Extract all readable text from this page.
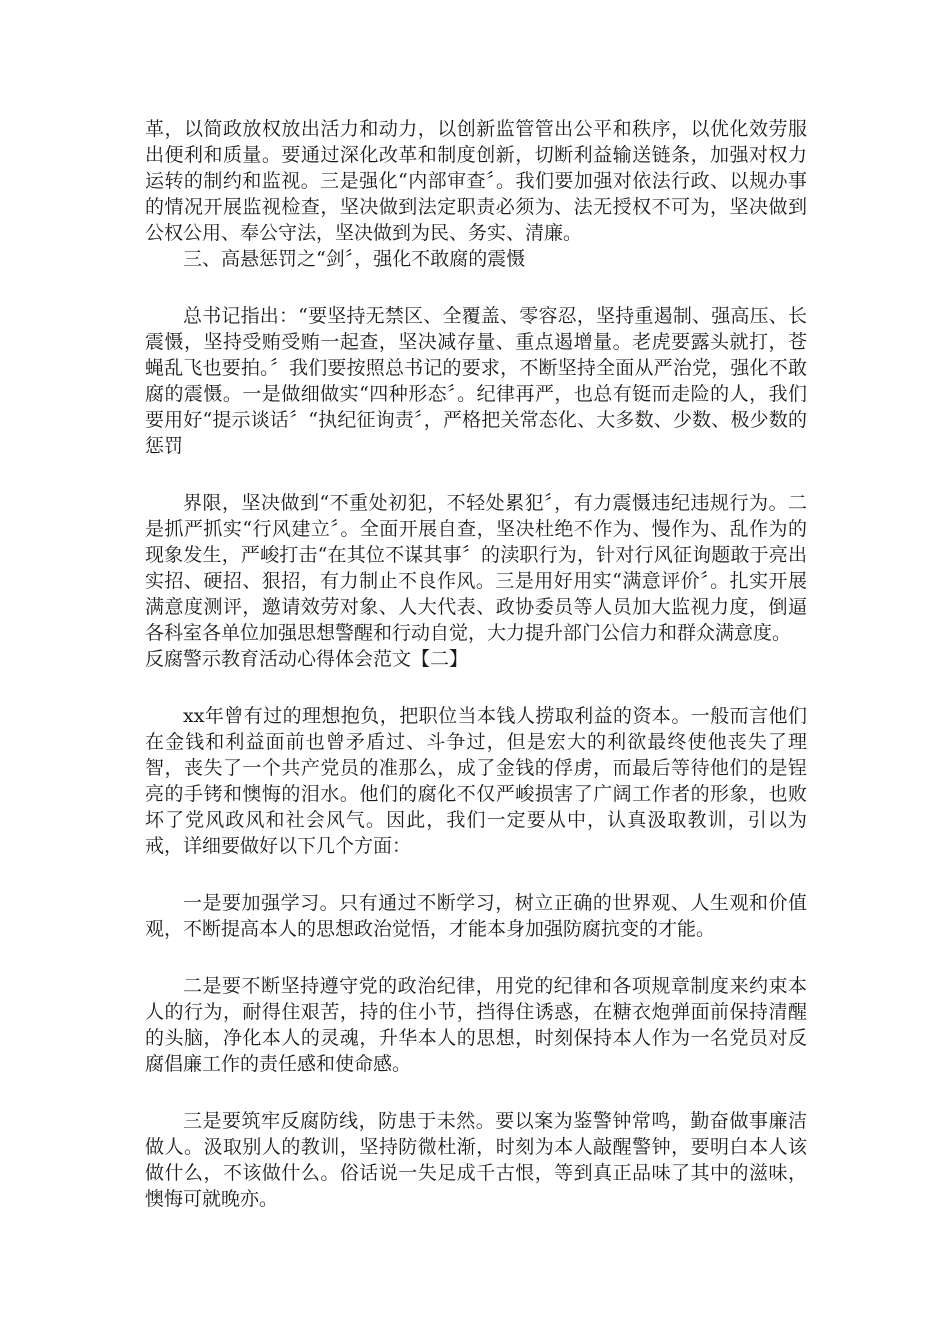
革，以简政放权放出活力和动力，以创新监管管出公平和秩序，以优化效劳服出便利和质量。要通过深化改革和制度创新，切断利益输送链条，加强对权力运转的制约和监视。三是强化“内部审查〞。我们要加强对依法行政、以规办事的情况开展监视检查，坚决做到法定职责必须为、法无授权不可为，坚决做到公权公用、奉公守法，坚决做到为民、务实、清廉。

三、高悬惩罚之“剑〞，强化不敢腐的震慑

总书记指出：“要坚持无禁区、全覆盖、零容忍，坚持重遏制、强高压、长震慑，坚持受贿受贿一起查，坚决减存量、重点遏增量。老虎要露头就打，苍蝇乱飞也要拍。〞我们要按照总书记的要求，不断坚持全面从严治党，强化不敢腐的震慑。一是做细做实“四种形态〞。纪律再严，也总有铤而走险的人，我们要用好“提示谈话〞“执纪征询责〞，严格把关常态化、大多数、少数、极少数的惩罚

界限，坚决做到“不重处初犯，不轻处累犯〞，有力震慑违纪违规行为。二是抓严抓实“行风建立〞。全面开展自查，坚决杜绝不作为、慢作为、乱作为的现象发生，严峻打击“在其位不谋其事〞的渎职行为，针对行风征询题敢于亮出实招、硬招、狠招，有力制止不良作风。三是用好用实“满意评价〞。扎实开展满意度测评，邀请效劳对象、人大代表、政协委员等人员加大监视力度，倒逼各科室各单位加强思想警醒和行动自觉，大力提升部门公信力和群众满意度。

反腐警示教育活动心得体会范文【二】

xx年曾有过的理想抱负，把职位当本钱人捞取利益的资本。一般而言他们在金钱和利益面前也曾矛盾过、斗争过，但是宏大的利欲最终使他丧失了理智，丧失了一个共产党员的准那么，成了金钱的俘虏，而最后等待他们的是锃亮的手铐和懊悔的泪水。他们的腐化不仅严峻损害了广阔工作者的形象，也败坏了党风政风和社会风气。因此，我们一定要从中，认真汲取教训，引以为戒，详细要做好以下几个方面：

一是要加强学习。只有通过不断学习，树立正确的世界观、人生观和价值观，不断提高本人的思想政治觉悟，才能本身加强防腐抗变的才能。

二是要不断坚持遵守党的政治纪律，用党的纪律和各项规章制度来约束本人的行为，耐得住艰苦，持的住小节，挡得住诱惑，在糖衣炮弹面前保持清醒的头脑，净化本人的灵魂，升华本人的思想，时刻保持本人作为一名党员对反腐倡廉工作的责任感和使命感。

三是要筑牢反腐防线，防患于未然。要以案为鉴警钟常鸣，勤奋做事廉洁做人。汲取别人的教训，坚持防微杜渐，时刻为本人敲醒警钟，要明白本人该做什么，不该做什么。俗话说一失足成千古恨，等到真正品味了其中的滋味，懊悔可就晚亦。
